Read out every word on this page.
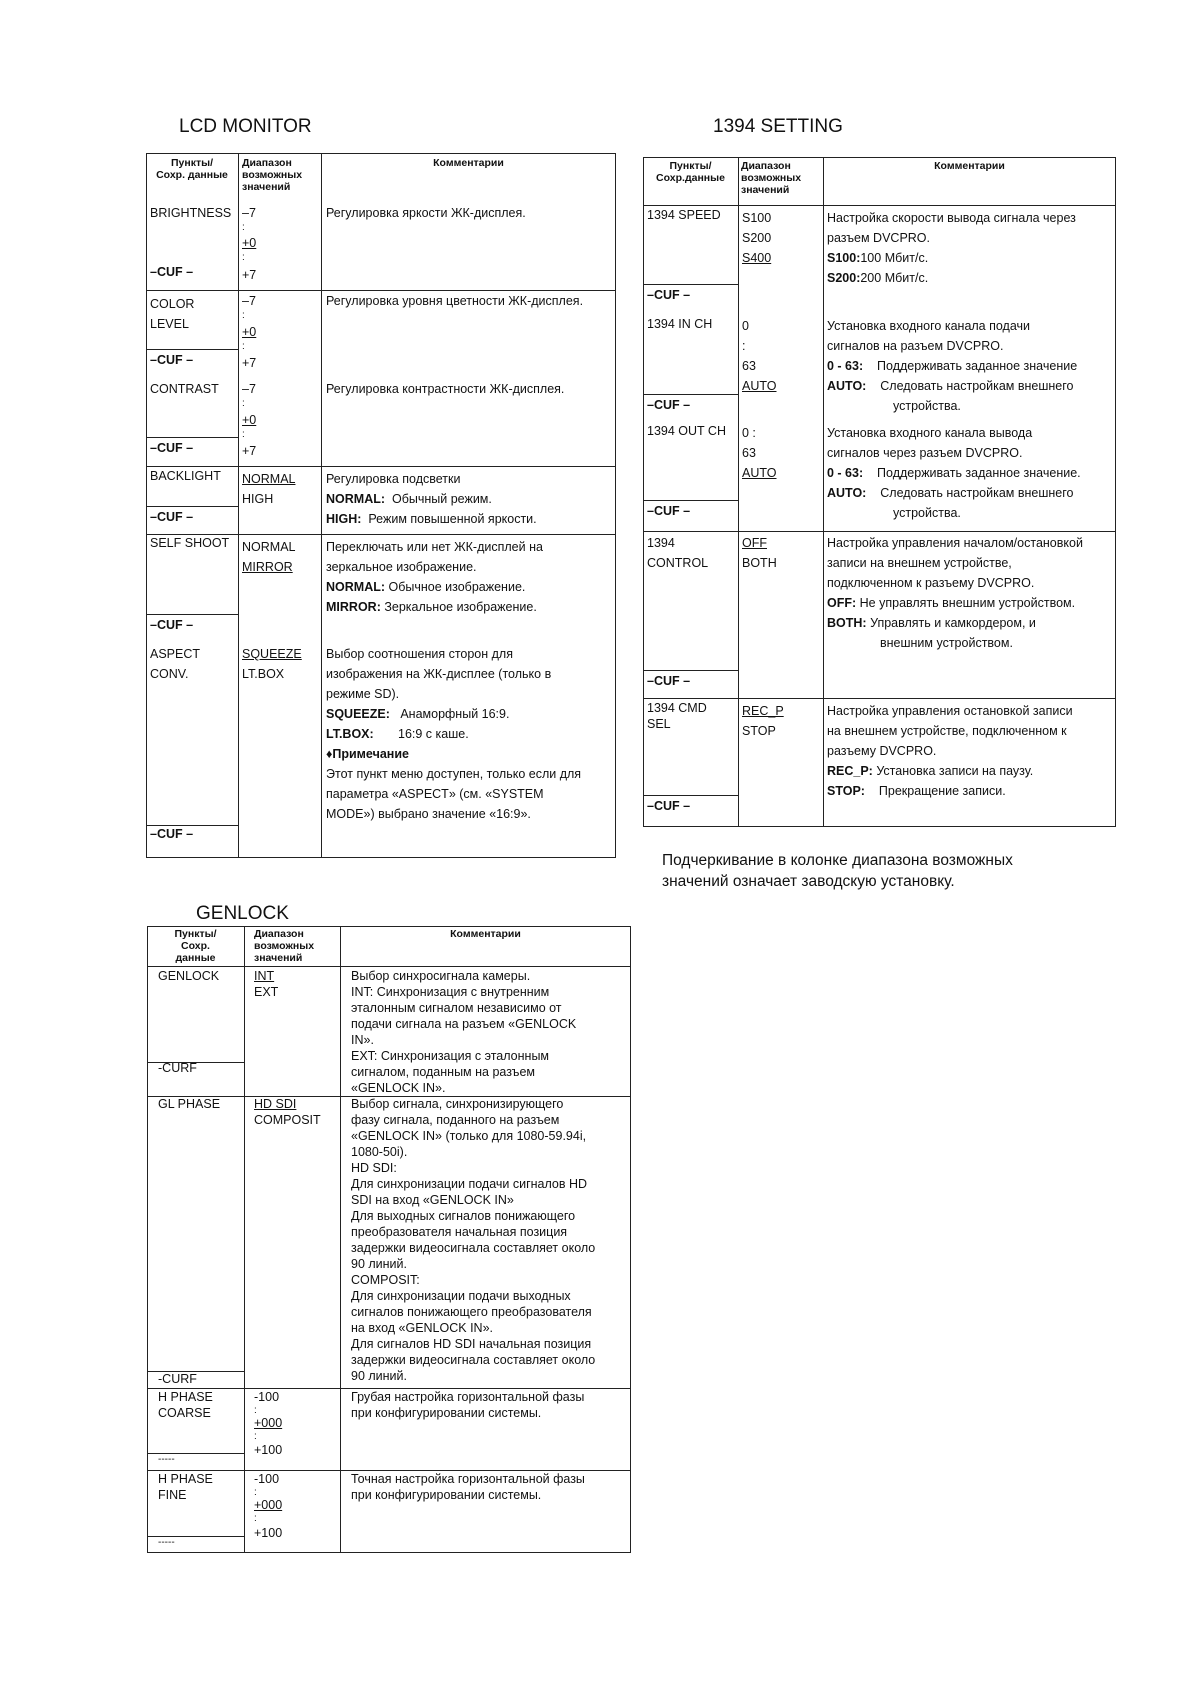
LCD MONITOR
Пункты/
Сохр. данные
Диапазон
возможных
значений
Комментарии
BRIGHTNESS
–CUF –
–7
:
+0
:
+7
Регулировка яркости ЖК-дисплея.
COLOR
LEVEL
–CUF –
–7
:
+0
:
+7
Регулировка уровня цветности ЖК-дисплея.
CONTRAST
–CUF –
–7
:
+0
:
+7
Регулировка контрастности ЖК-дисплея.
BACKLIGHT
–CUF –
NORMAL
HIGH
Регулировка подсветки
NORMAL: Обычный режим.
HIGH: Режим повышенной яркости.
SELF SHOOT
–CUF –
NORMAL
MIRROR
Переключать или нет ЖК-дисплей на
зеркальное изображение.
NORMAL: Обычное изображение.
MIRROR: Зеркальное изображение.
ASPECT
CONV.
–CUF –
SQUEEZE
LT.BOX
Выбор соотношения сторон для
изображения на ЖК-дисплее (только в
режиме SD).
SQUEEZE: Анаморфный 16:9.
LT.BOX: 16:9 с каше.
♦Примечание
Этот пункт меню доступен, только если для
параметра «ASPECT» (см. «SYSTEM
MODE») выбрано значение «16:9».
1394 SETTING
Пункты/
Сохр.данные
Диапазон
возможных
значений
Комментарии
1394 SPEED
–CUF –
S100
S200
S400
Настройка скорости вывода сигнала через
разъем DVCPRO.
S100:100 Мбит/с.
S200:200 Мбит/с.
1394 IN CH
–CUF –
0
:
63
AUTO
Установка входного канала подачи
сигналов на разъем DVCPRO.
0 - 63: Поддерживать заданное значение
AUTO: Следовать настройкам внешнего
устройства.
1394 OUT CH
–CUF –
0 :
63
AUTO
Установка входного канала вывода
сигналов через разъем DVCPRO.
0 - 63: Поддерживать заданное значение.
AUTO: Следовать настройкам внешнего
устройства.
1394
CONTROL
–CUF –
OFF
BOTH
Настройка управления началом/остановкой
записи на внешнем устройстве,
подключенном к разъему DVCPRO.
OFF: Не управлять внешним устройством.
BOTH: Управлять и камкордером, и
внешним устройством.
1394 CMD
SEL
–CUF –
REC_P
STOP
Настройка управления остановкой записи
на внешнем устройстве, подключенном к
разъему DVCPRO.
REC_P: Установка записи на паузу.
STOP: Прекращение записи.
Подчеркивание в колонке диапазона возможных
значений означает заводскую установку.
GENLOCK
Пункты/
Сохр.
данные
Диапазон
возможных
значений
Комментарии
GENLOCK
-CURF
INT
EXT
Выбор синхросигнала камеры.
INT: Синхронизация с внутренним
эталонным сигналом независимо от
подачи сигнала на разъем «GENLOCK
IN».
EXT: Синхронизация с эталонным
сигналом, поданным на разъем
«GENLOCK IN».
GL PHASE
-CURF
HD SDI
COMPOSIT
Выбор сигнала, синхронизирующего
фазу сигнала, поданного на разъем
«GENLOCK IN» (только для 1080-59.94i,
1080-50i).
HD SDI:
Для синхронизации подачи сигналов HD
SDI на вход «GENLOCK IN»
Для выходных сигналов понижающего
преобразователя начальная позиция
задержки видеосигнала составляет около
90 линий.
COMPOSIT:
Для синхронизации подачи выходных
сигналов понижающего преобразователя
на вход «GENLOCK IN».
Для сигналов HD SDI начальная позиция
задержки видеосигнала составляет около
90 линий.
H PHASE
COARSE
-----
-100
:
+000
:
+100
Грубая настройка горизонтальной фазы
при конфигурировании системы.
H PHASE
FINE
-----
-100
:
+000
:
+100
Точная настройка горизонтальной фазы
при конфигурировании системы.
